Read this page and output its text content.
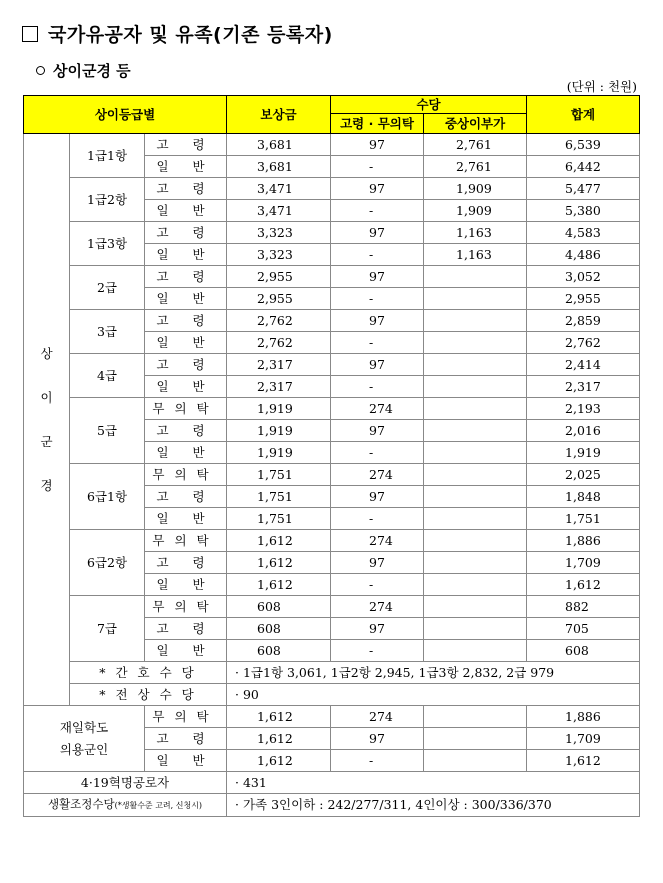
국가유공자 및 유족(기존 등록자)
상이군경 등
(단위 : 천원)
상이등급별			보상금	수당		합계
				고령 · 무의탁	중상이부가	

상
이
군
경	1급1항	고 령	3,681	97	2,761	6,539
		일 반	3,681	-	2,761	6,442
	1급2항	고 령	3,471	97	1,909	5,477
		일 반	3,471	-	1,909	5,380
	1급3항	고 령	3,323	97	1,163	4,583
		일 반	3,323	-	1,163	4,486
	2급	고 령	2,955	97		3,052
		일 반	2,955	-		2,955
	3급	고 령	2,762	97		2,859
		일 반	2,762	-		2,762
	4급	고 령	2,317	97		2,414
		일 반	2,317	-		2,317
	5급	무의탁	1,919	274		2,193
		고 령	1,919	97		2,016
		일 반	1,919	-		1,919
	6급1항	무의탁	1,751	274		2,025
		고 령	1,751	97		1,848
		일 반	1,751	-		1,751
	6급2항	무의탁	1,612	274		1,886
		고 령	1,612	97		1,709
		일 반	1,612	-		1,612
	7급	무의탁	608	274		882
		고 령	608	97		705
		일 반	608	-		608
	* 간 호 수 당		· 1급1항 3,061, 1급2항 2,945, 1급3항 2,832, 2급 979			
	* 전 상 수 당		· 90			

재일학도
의용군인		무의탁	1,612	274		1,886
		고 령	1,612	97		1,709
		일 반	1,612	-		1,612
4·19혁명공로자			· 431			
생활조정수당(*생활수준 고려, 신청시)			· 가족 3인이하 : 242/277/311, 4인이상 : 300/336/370			
